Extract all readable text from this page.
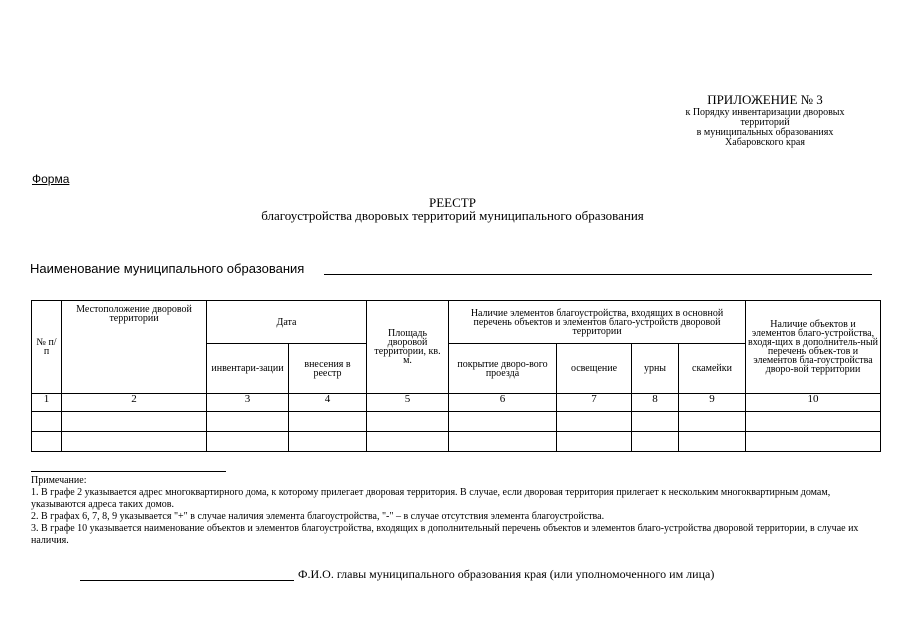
ПРИЛОЖЕНИЕ № 3
к Порядку инвентаризации дворовых
территорий
в муниципальных образованиях
Хабаровского края
Форма
РЕЕСТР
благоустройства дворовых территорий муниципального образования
Наименование муниципального образования
№ п/п	Местоположение дворовой территории	Дата		Площадь дворовой территории, кв. м.	Наличие элементов благоустройства, входящих в основной перечень объектов и элементов благо-устройств дворовой территории				Наличие объектов и элементов благо-устройства, входя-щих в дополнитель-ный перечень объек-тов и элементов бла-гоустройства дворо-вой территории
		инвентари-зации	внесения в реестр		покрытие дворо-вого проезда	освещение	урны	скамейки	
1	2	3	4	5	6	7	8	9	10

Примечание:
1. В графе 2 указывается адрес многоквартирного дома, к которому прилегает дворовая территория. В случае, если дворовая территория прилегает к нескольким многоквартирным домам, указываются адреса таких домов.
2. В графах 6, 7, 8, 9 указывается "+" в случае наличия элемента благоустройства, "-" – в случае отсутствия элемента благоустройства.
3. В графе 10 указывается наименование объектов и элементов благоустройства, входящих в дополнительный перечень объектов и элементов благо-устройства дворовой территории, в случае их наличия.
Ф.И.О. главы муниципального образования края (или уполномоченного им лица)
